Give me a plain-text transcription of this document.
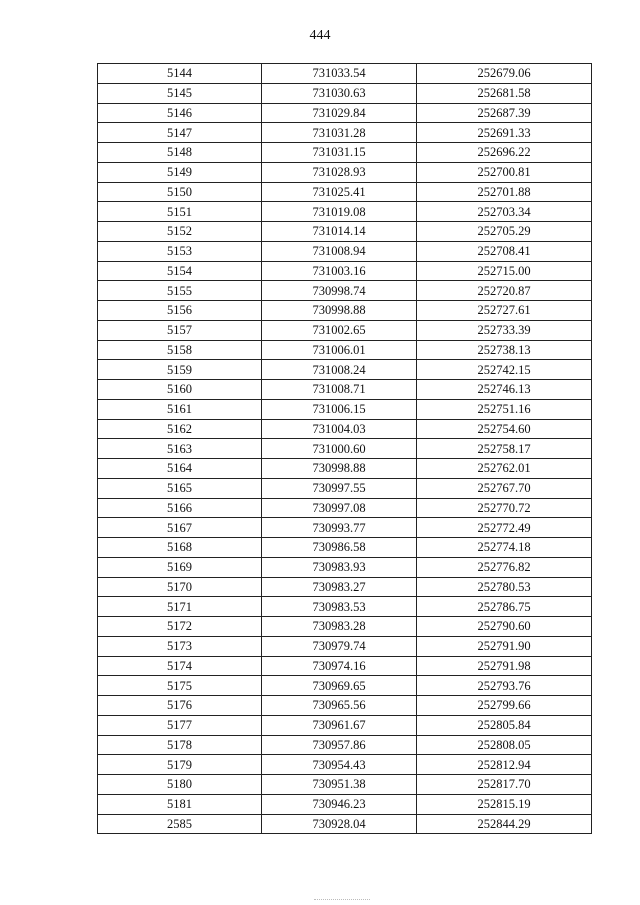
444
5144	731033.54	252679.06
5145	731030.63	252681.58
5146	731029.84	252687.39
5147	731031.28	252691.33
5148	731031.15	252696.22
5149	731028.93	252700.81
5150	731025.41	252701.88
5151	731019.08	252703.34
5152	731014.14	252705.29
5153	731008.94	252708.41
5154	731003.16	252715.00
5155	730998.74	252720.87
5156	730998.88	252727.61
5157	731002.65	252733.39
5158	731006.01	252738.13
5159	731008.24	252742.15
5160	731008.71	252746.13
5161	731006.15	252751.16
5162	731004.03	252754.60
5163	731000.60	252758.17
5164	730998.88	252762.01
5165	730997.55	252767.70
5166	730997.08	252770.72
5167	730993.77	252772.49
5168	730986.58	252774.18
5169	730983.93	252776.82
5170	730983.27	252780.53
5171	730983.53	252786.75
5172	730983.28	252790.60
5173	730979.74	252791.90
5174	730974.16	252791.98
5175	730969.65	252793.76
5176	730965.56	252799.66
5177	730961.67	252805.84
5178	730957.86	252808.05
5179	730954.43	252812.94
5180	730951.38	252817.70
5181	730946.23	252815.19
2585	730928.04	252844.29
